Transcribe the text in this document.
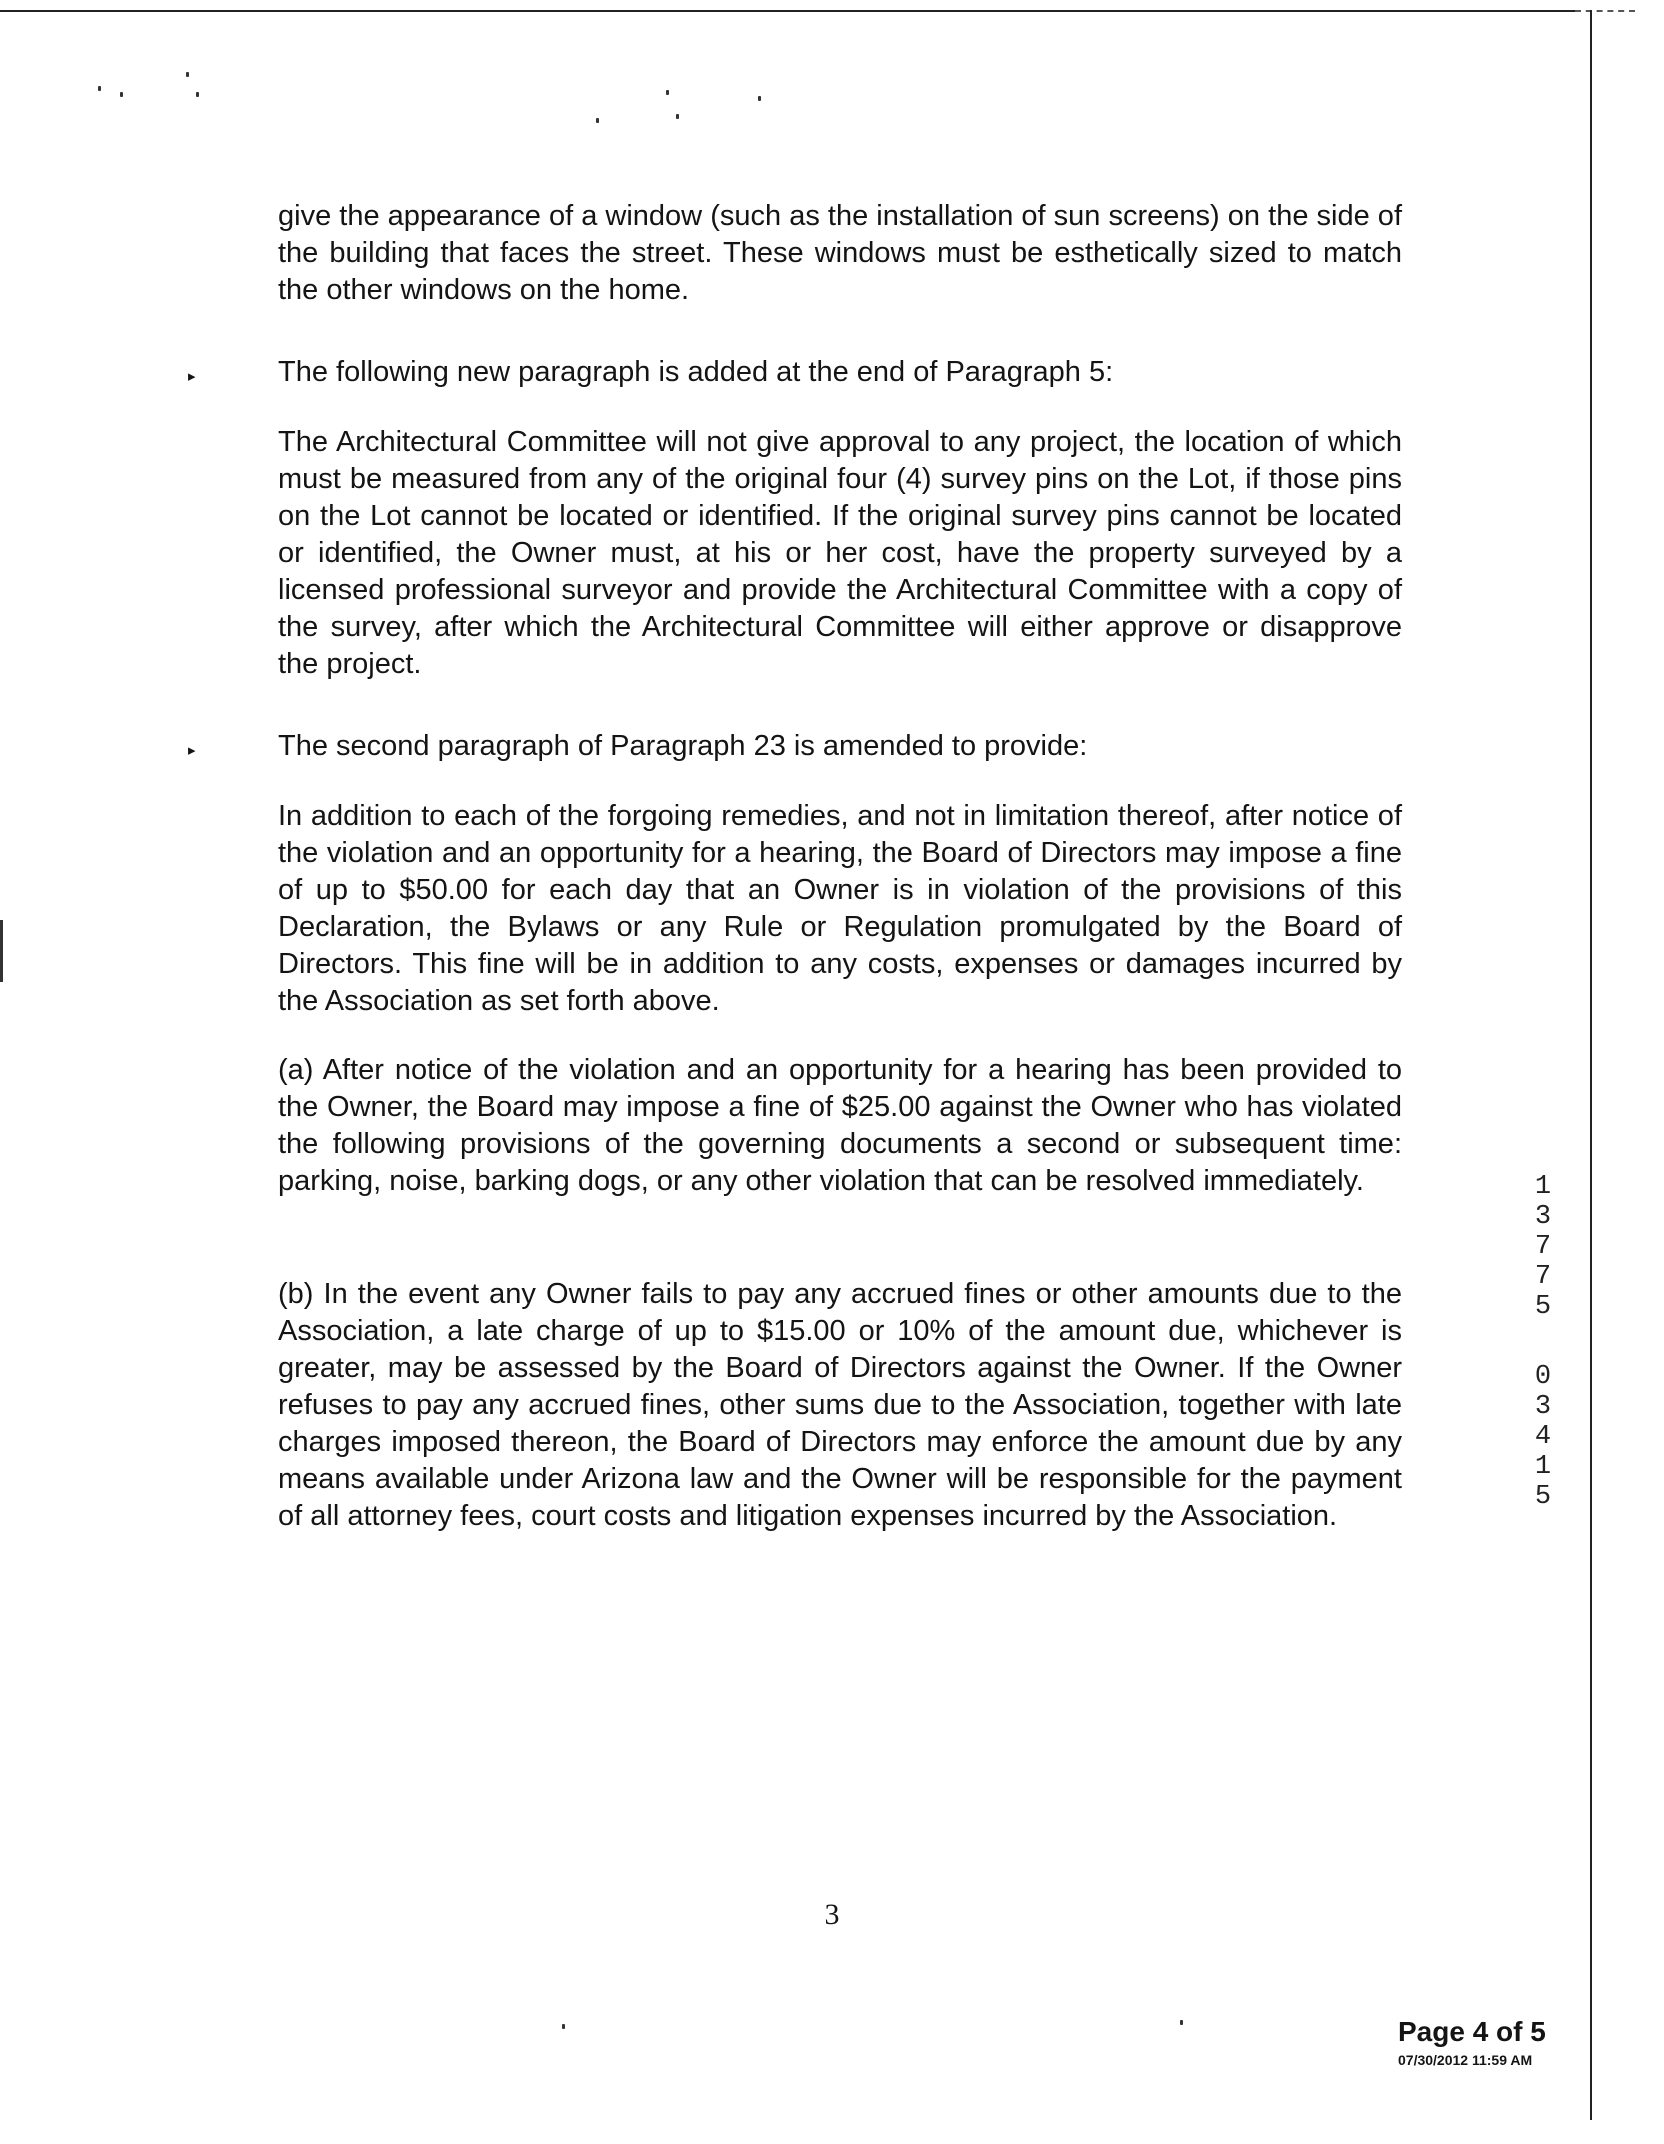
give the appearance of a window (such as the installation of sun screens) on the side of the building that faces the street. These windows must be esthetically sized to match the other windows on the home.

▸	The following new paragraph is added at the end of Paragraph 5:

The Architectural Committee will not give approval to any project, the location of which must be measured from any of the original four (4) survey pins on the Lot, if those pins on the Lot cannot be located or identified. If the original survey pins cannot be located or identified, the Owner must, at his or her cost, have the property surveyed by a licensed professional surveyor and provide the Architectural Committee with a copy of the survey, after which the Architectural Committee will either approve or disapprove the project.

▸	The second paragraph of Paragraph 23 is amended to provide:

In addition to each of the forgoing remedies, and not in limitation thereof, after notice of the violation and an opportunity for a hearing, the Board of Directors may impose a fine of up to $50.00 for each day that an Owner is in violation of the provisions of this Declaration, the Bylaws or any Rule or Regulation promulgated by the Board of Directors. This fine will be in addition to any costs, expenses or damages incurred by the Association as set forth above.

(a) After notice of the violation and an opportunity for a hearing has been provided to the Owner, the Board may impose a fine of $25.00 against the Owner who has violated the following provisions of the governing documents a second or subsequent time: parking, noise, barking dogs, or any other violation that can be resolved immediately.

(b) In the event any Owner fails to pay any accrued fines or other amounts due to the Association, a late charge of up to $15.00 or 10% of the amount due, whichever is greater, may be assessed by the Board of Directors against the Owner. If the Owner refuses to pay any accrued fines, other sums due to the Association, together with late charges imposed thereon, the Board of Directors may enforce the amount due by any means available under Arizona law and the Owner will be responsible for the payment of all attorney fees, court costs and litigation expenses incurred by the Association.

1
3
7
7
5
0
3
4
1
5
3
Page 4 of 5
07/30/2012 11:59 AM
